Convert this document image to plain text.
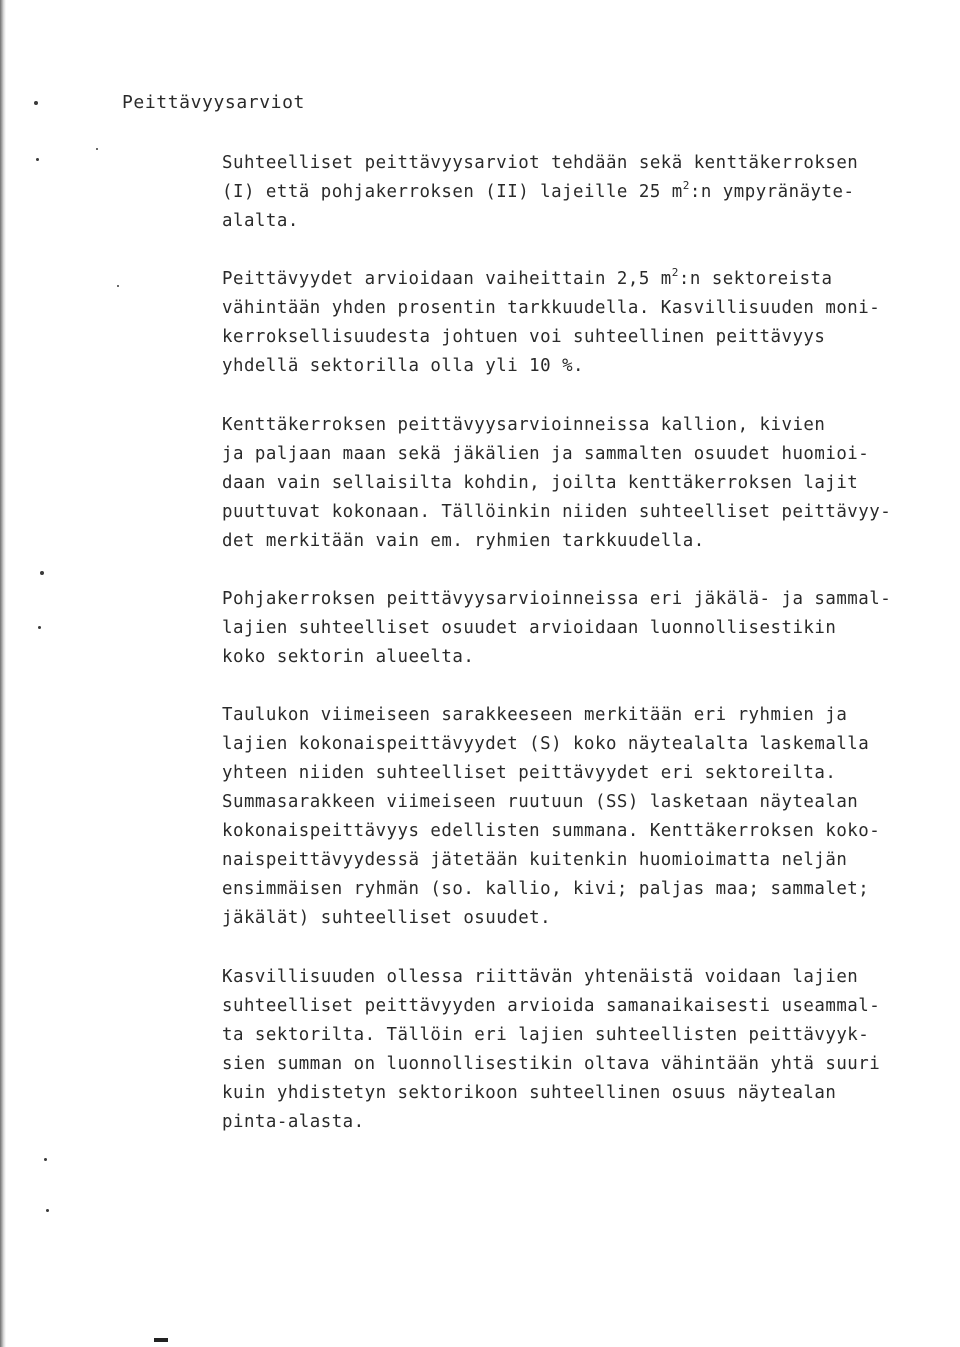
Peittävyysarviot
Suhteelliset peittävyysarviot tehdään sekä kenttäkerroksen
(I) että pohjakerroksen (II) lajeille 25 $m^2:n$ ympyränäyte-
alalta.
Peittävyydet arvioidaan vaiheittain 2,5 $m^2:n$ sektoreista
vähintään yhden prosentin tarkkuudella. Kasvillisuuden moni-
kerroksellisuudesta johtuen voi suhteellinen peittävyys
yhdellä sektorilla olla yli 10 %.
Kenttäkerroksen peittävyysarvioinneissa kallion, kivien
ja paljaan maan sekä jäkälien ja sammalten osuudet huomioi-
daan vain sellaisilta kohdin, joilta kenttäkerroksen lajit
puuttuvat kokonaan. Tällöinkin niiden suhteelliset peittävyy-
det merkitään vain em. ryhmien tarkkuudella.
Pohjakerroksen peittävyysarvioinneissa eri jäkälä- ja sammal-
lajien suhteelliset osuudet arvioidaan luonnollisestikin
koko sektorin alueelta.
Taulukon viimeiseen sarakkeeseen merkitään eri ryhmien ja
lajien kokonaispeittävyydet (S) koko näytealalta laskemalla
yhteen niiden suhteelliset peittävyydet eri sektoreilta.
Summasarakkeen viimeiseen ruutuun (SS) lasketaan näytealan
kokonaispeittävyys edellisten summana. Kenttäkerroksen koko-
naispeittävyydessä jätetään kuitenkin huomioimatta neljän
ensimmäisen ryhmän (so. kallio, kivi; paljas maa; sammalet;
jäkälät) suhteelliset osuudet.
Kasvillisuuden ollessa riittävän yhtenäistä voidaan lajien
suhteelliset peittävyyden arvioida samanaikaisesti useammal-
ta sektorilta. Tällöin eri lajien suhteellisten peittävyyk-
sien summan on luonnollisestikin oltava vähintään yhtä suuri
kuin yhdistetyn sektorikoon suhteellinen osuus näytealan
pinta-alasta.
